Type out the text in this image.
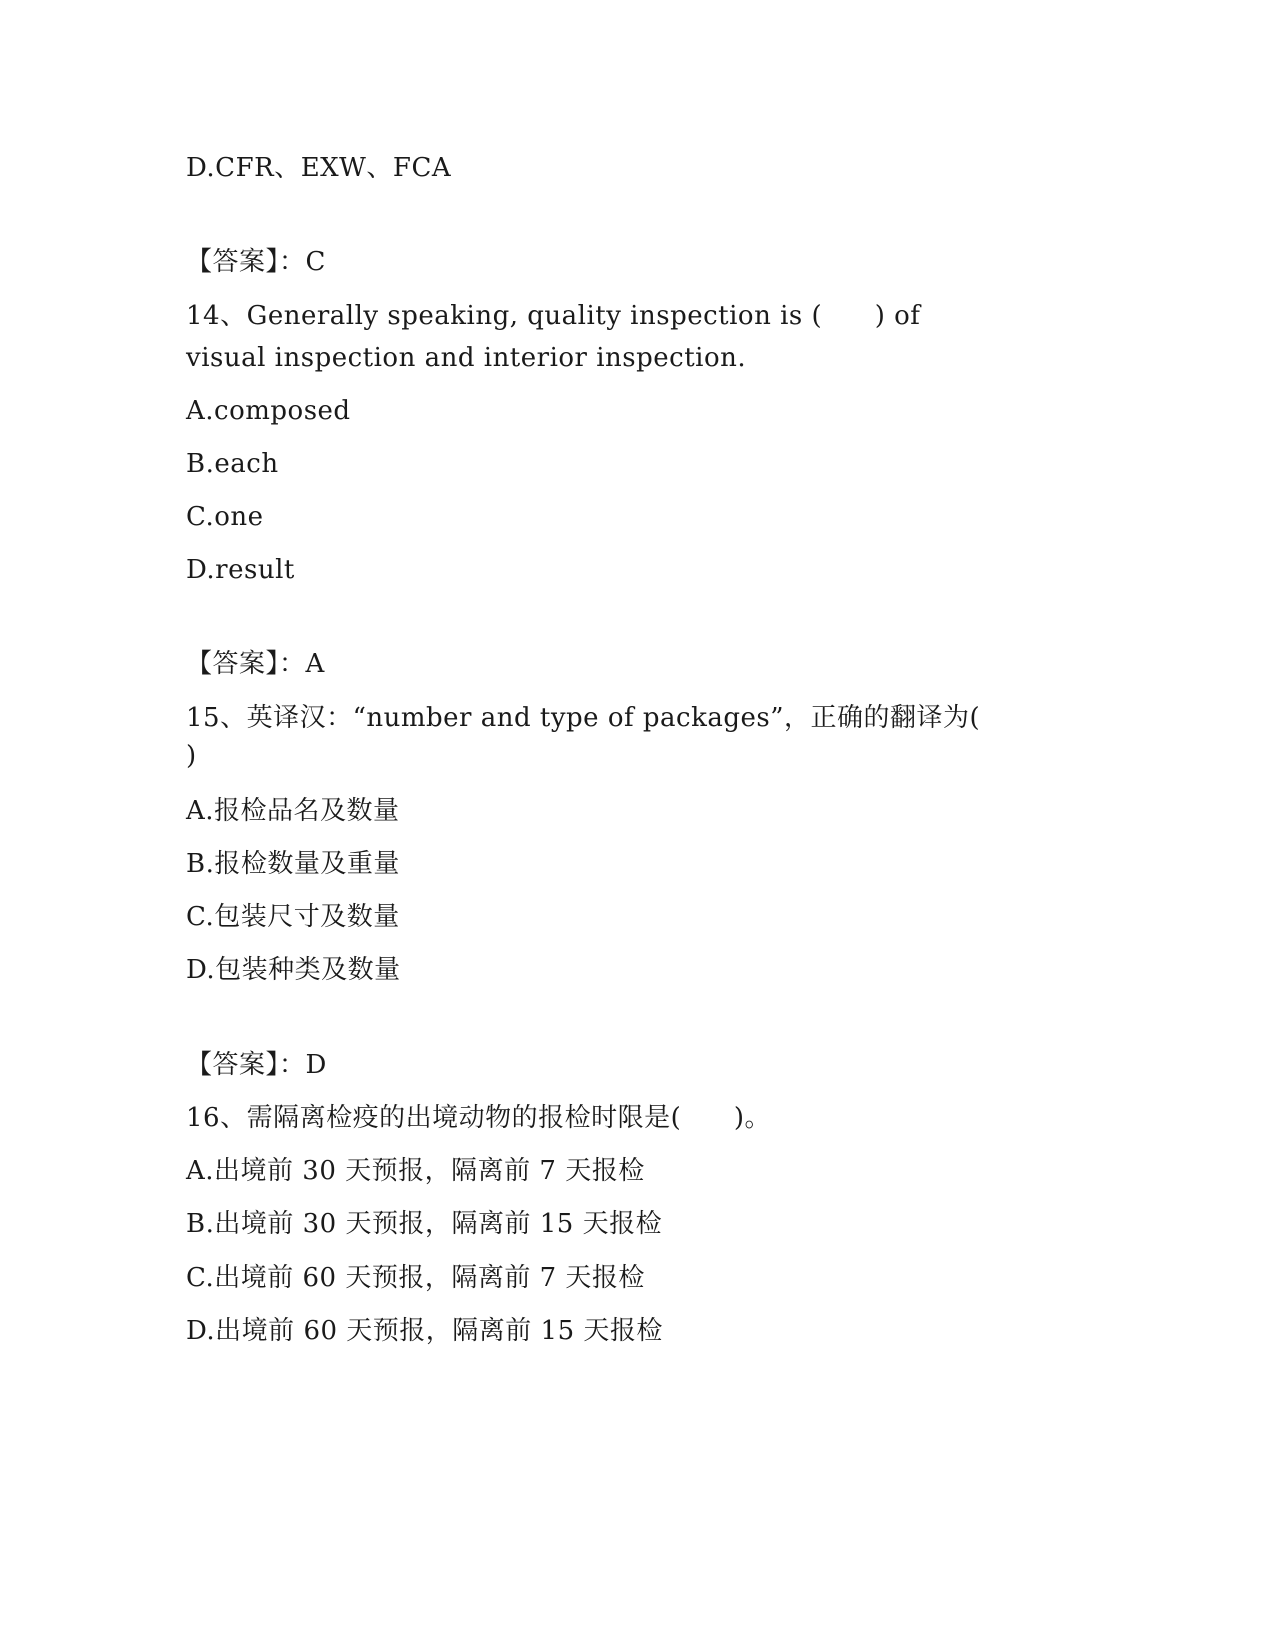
D.CFR、EXW、FCA
【答案】：C
14、Generally speaking, quality inspection is (      ) of
visual inspection and interior inspection.
A.composed
B.each
C.one
D.result
【答案】：A
15、英译汉：“number and type of packages”，正确的翻译为(
)
A.报检品名及数量
B.报检数量及重量
C.包装尺寸及数量
D.包装种类及数量
【答案】：D
16、需隔离检疫的出境动物的报检时限是(      )。
A.出境前 30 天预报，隔离前 7 天报检
B.出境前 30 天预报，隔离前 15 天报检
C.出境前 60 天预报，隔离前 7 天报检
D.出境前 60 天预报，隔离前 15 天报检
